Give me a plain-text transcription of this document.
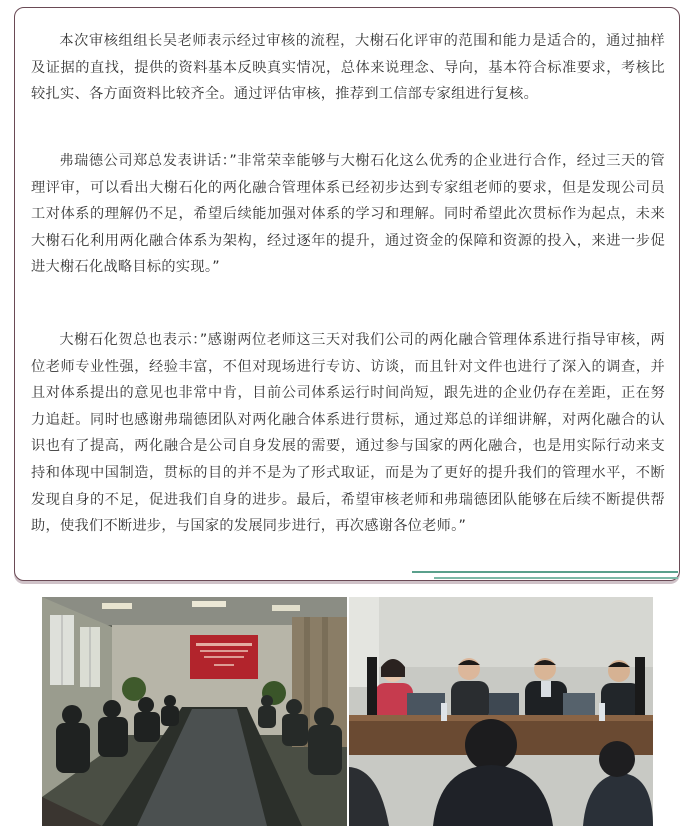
本次审核组组长吴老师表示经过审核的流程，大榭石化评审的范围和能力是适合的，通过抽样及证据的直找，提供的资料基本反映真实情况，总体来说理念、导向，基本符合标准要求，考核比较扎实、各方面资料比较齐全。通过评估审核，推荐到工信部专家组进行复核。

弗瑞德公司郑总发表讲话：”非常荣幸能够与大榭石化这么优秀的企业进行合作，经过三天的管理评审，可以看出大榭石化的两化融合管理体系已经初步达到专家组老师的要求，但是发现公司员工对体系的理解仍不足，希望后续能加强对体系的学习和理解。同时希望此次贯标作为起点，未来大榭石化利用两化融合体系为架构，经过逐年的提升，通过资金的保障和资源的投入，来进一步促进大榭石化战略目标的实现。”

大榭石化贺总也表示：”感谢两位老师这三天对我们公司的两化融合管理体系进行指导审核，两位老师专业性强，经验丰富，不但对现场进行专访、访谈，而且针对文件也进行了深入的调查，并且对体系提出的意见也非常中肯，目前公司体系运行时间尚短，跟先进的企业仍存在差距，正在努力追赶。同时也感谢弗瑞德团队对两化融合体系进行贯标，通过郑总的详细讲解，对两化融合的认识也有了提高，两化融合是公司自身发展的需要，通过参与国家的两化融合，也是用实际行动来支持和体现中国制造，贯标的目的并不是为了形式取证，而是为了更好的提升我们的管理水平，不断发现自身的不足，促进我们自身的进步。最后，希望审核老师和弗瑞德团队能够在后续不断提供帮助，使我们不断进步，与国家的发展同步进行，再次感谢各位老师。”
